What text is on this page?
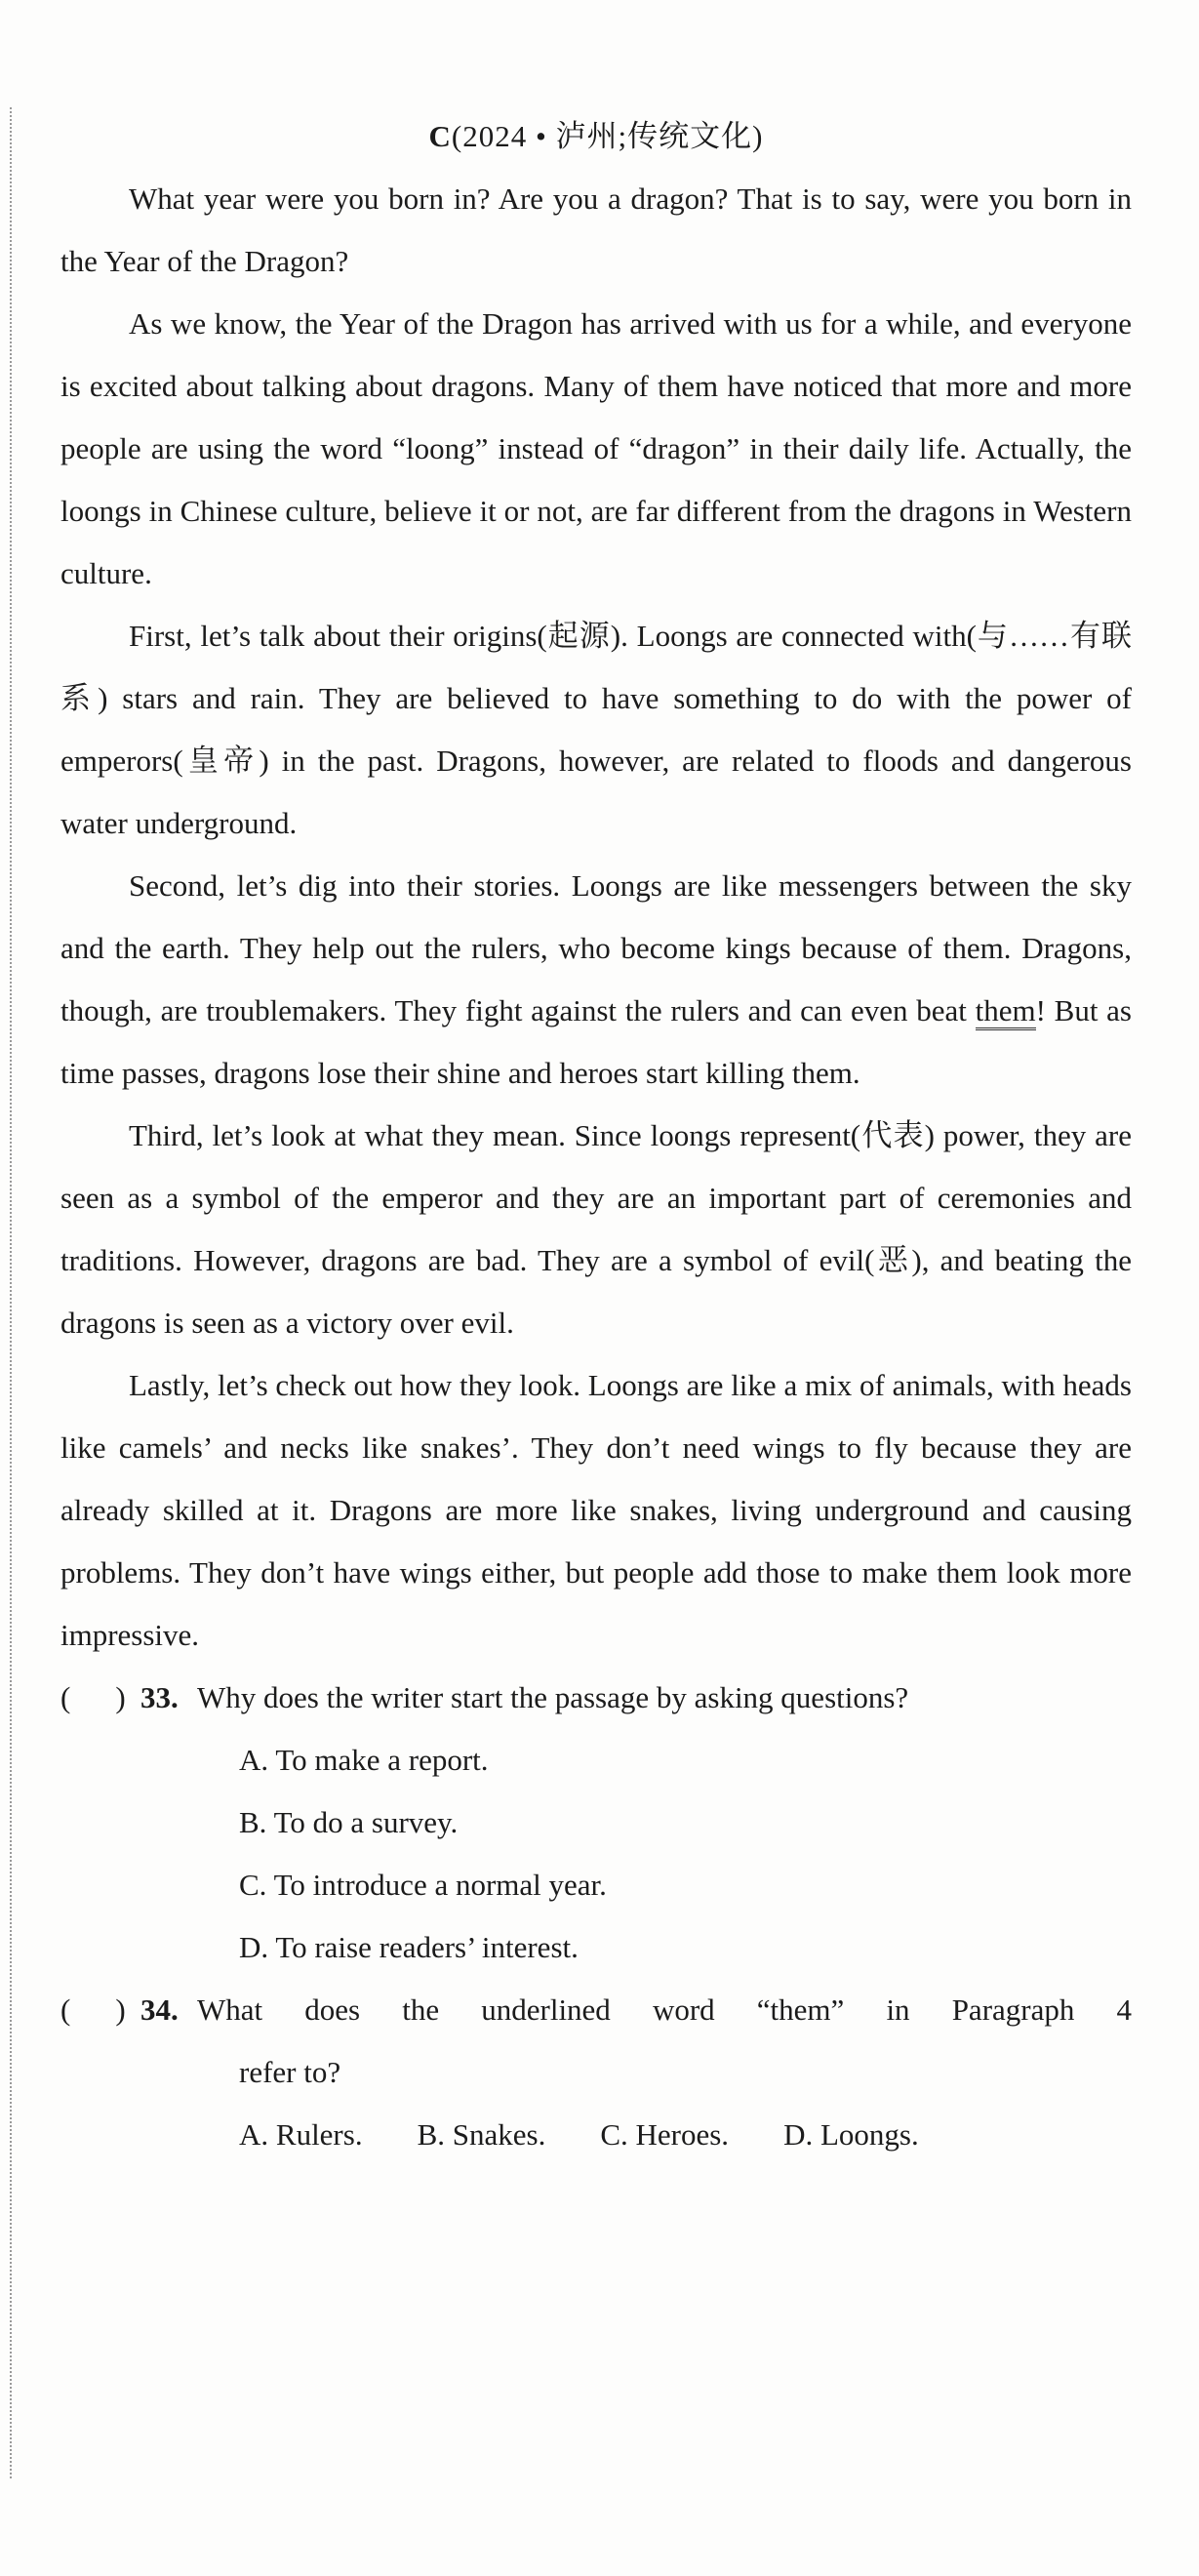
C(2024 • 泸州;传统文化)

What year were you born in? Are you a dragon? That is to say, were you born in the Year of the Dragon?

As we know, the Year of the Dragon has arrived with us for a while, and everyone is excited about talking about dragons. Many of them have noticed that more and more people are using the word “loong” instead of “dragon” in their daily life. Actually, the loongs in Chinese culture, believe it or not, are far different from the dragons in Western culture.

First, let’s talk about their origins(起源). Loongs are connected with(与……有联系) stars and rain. They are believed to have something to do with the power of emperors(皇帝) in the past. Dragons, however, are related to floods and dangerous water underground.

Second, let’s dig into their stories. Loongs are like messengers between the sky and the earth. They help out the rulers, who become kings because of them. Dragons, though, are troublemakers. They fight against the rulers and can even beat them! But as time passes, dragons lose their shine and heroes start killing them.

Third, let’s look at what they mean. Since loongs represent(代表) power, they are seen as a symbol of the emperor and they are an important part of ceremonies and traditions. However, dragons are bad. They are a symbol of evil(恶), and beating the dragons is seen as a victory over evil.

Lastly, let’s check out how they look. Loongs are like a mix of animals, with heads like camels’ and necks like snakes’. They don’t need wings to fly because they are already skilled at it. Dragons are more like snakes, living underground and causing problems. They don’t have wings either, but people add those to make them look more impressive.

( ) 33. Why does the writer start the passage by asking questions?
A. To make a report.
B. To do a survey.
C. To introduce a normal year.
D. To raise readers’ interest.
( ) 34. What does the underlined word “them” in Paragraph 4
refer to?
A. Rulers. B. Snakes. C. Heroes. D. Loongs.
